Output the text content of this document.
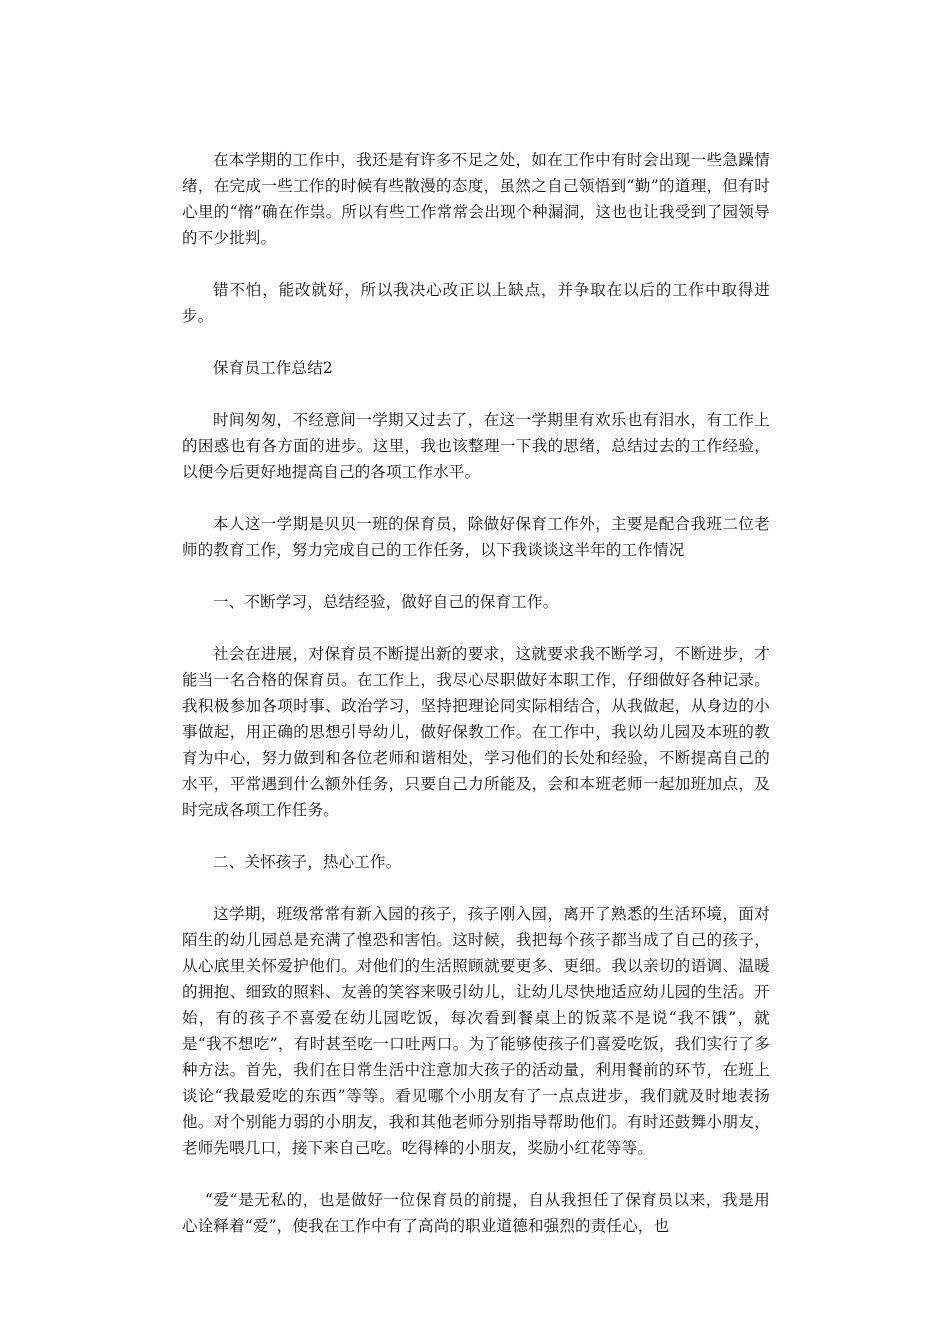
在本学期的工作中，我还是有许多不足之处，如在工作中有时会出现一些急躁情绪，在完成一些工作的时候有些散漫的态度，虽然之自己领悟到“勤”的道理，但有时心里的“惰”确在作祟。所以有些工作常常会出现个种漏洞，这也也让我受到了园领导的不少批判。

错不怕，能改就好，所以我决心改正以上缺点，并争取在以后的工作中取得进步。

保育员工作总结2

时间匆匆，不经意间一学期又过去了，在这一学期里有欢乐也有泪水，有工作上的困惑也有各方面的进步。这里，我也该整理一下我的思绪，总结过去的工作经验，以便今后更好地提高自己的各项工作水平。

本人这一学期是贝贝一班的保育员，除做好保育工作外，主要是配合我班二位老师的教育工作，努力完成自己的工作任务，以下我谈谈这半年的工作情况

一、不断学习，总结经验，做好自己的保育工作。

社会在进展，对保育员不断提出新的要求，这就要求我不断学习，不断进步，才能当一名合格的保育员。在工作上，我尽心尽职做好本职工作，仔细做好各种记录。我积极参加各项时事、政治学习，坚持把理论同实际相结合，从我做起，从身边的小事做起，用正确的思想引导幼儿，做好保教工作。在工作中，我以幼儿园及本班的教育为中心，努力做到和各位老师和谐相处，学习他们的长处和经验，不断提高自己的水平，平常遇到什么额外任务，只要自己力所能及，会和本班老师一起加班加点，及时完成各项工作任务。

二、关怀孩子，热心工作。

这学期，班级常常有新入园的孩子，孩子刚入园，离开了熟悉的生活环境，面对陌生的幼儿园总是充满了惶恐和害怕。这时候，我把每个孩子都当成了自己的孩子，从心底里关怀爱护他们。对他们的生活照顾就要更多、更细。我以亲切的语调、温暖的拥抱、细致的照料、友善的笑容来吸引幼儿，让幼儿尽快地适应幼儿园的生活。开始，有的孩子不喜爱在幼儿园吃饭，每次看到餐桌上的饭菜不是说“我不饿”，就是“我不想吃”，有时甚至吃一口吐两口。为了能够使孩子们喜爱吃饭，我们实行了多种方法。首先，我们在日常生活中注意加大孩子的活动量，利用餐前的环节，在班上谈论“我最爱吃的东西”等等。看见哪个小朋友有了一点点进步，我们就及时地表扬他。对个别能力弱的小朋友，我和其他老师分别指导帮助他们。有时还鼓舞小朋友，老师先喂几口，接下来自己吃。吃得棒的小朋友，奖励小红花等等。

“爱“是无私的，也是做好一位保育员的前提，自从我担任了保育员以来，我是用心诠释着“爱”，使我在工作中有了高尚的职业道德和强烈的责任心，也
